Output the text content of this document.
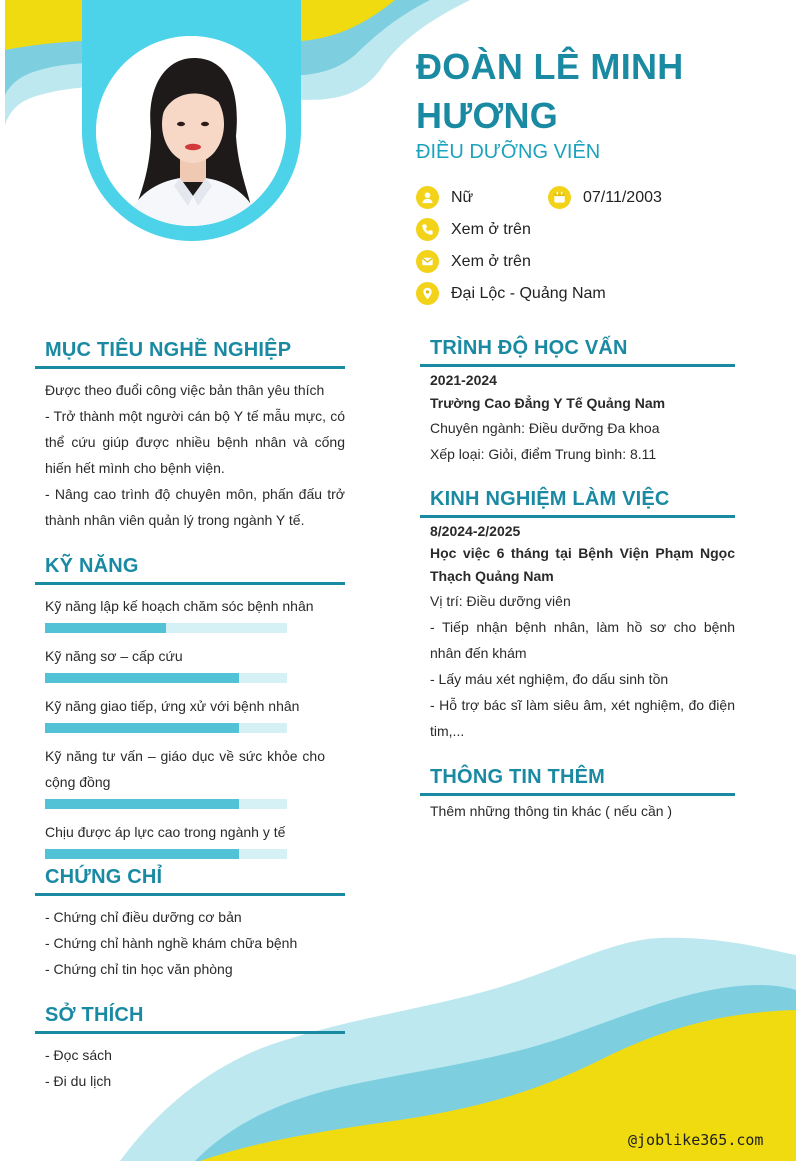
ĐOÀN LÊ MINH HƯƠNG
ĐIỀU DƯỠNG VIÊN
Nữ	07/11/2003
Xem ở trên
Xem ở trên
Đại Lộc - Quảng Nam
MỤC TIÊU NGHỀ NGHIỆP
Được theo đuổi công việc bản thân yêu thích
- Trở thành một người cán bộ Y tế mẫu mực, có thể cứu giúp được nhiều bệnh nhân và cống hiến hết mình cho bệnh viện.
- Nâng cao trình độ chuyên môn, phấn đấu trở thành nhân viên quản lý trong ngành Y tế.
KỸ NĂNG
Kỹ năng lập kế hoạch chăm sóc bệnh nhân
Kỹ năng sơ – cấp cứu
Kỹ năng giao tiếp, ứng xử với bệnh nhân
Kỹ năng tư vấn – giáo dục về sức khỏe cho cộng đồng
Chịu được áp lực cao trong ngành y tế
CHỨNG CHỈ
- Chứng chỉ điều dưỡng cơ bản
- Chứng chỉ hành nghề khám chữa bệnh
- Chứng chỉ tin học văn phòng
SỞ THÍCH
- Đọc sách
- Đi du lịch
TRÌNH ĐỘ HỌC VẤN
2021-2024
Trường Cao Đẳng Y Tế Quảng Nam
Chuyên ngành: Điều dưỡng Đa khoa
Xếp loại: Giỏi, điểm Trung bình: 8.11
KINH NGHIỆM LÀM VIỆC
8/2024-2/2025
Học việc 6 tháng tại Bệnh Viện Phạm Ngọc Thạch Quảng Nam
Vị trí: Điều dưỡng viên
- Tiếp nhận bệnh nhân, làm hồ sơ cho bệnh nhân đến khám
- Lấy máu xét nghiệm, đo dấu sinh tồn
- Hỗ trợ bác sĩ làm siêu âm, xét nghiệm, đo điện tim,...
THÔNG TIN THÊM
Thêm những thông tin khác ( nếu cần )
@joblike365.com
